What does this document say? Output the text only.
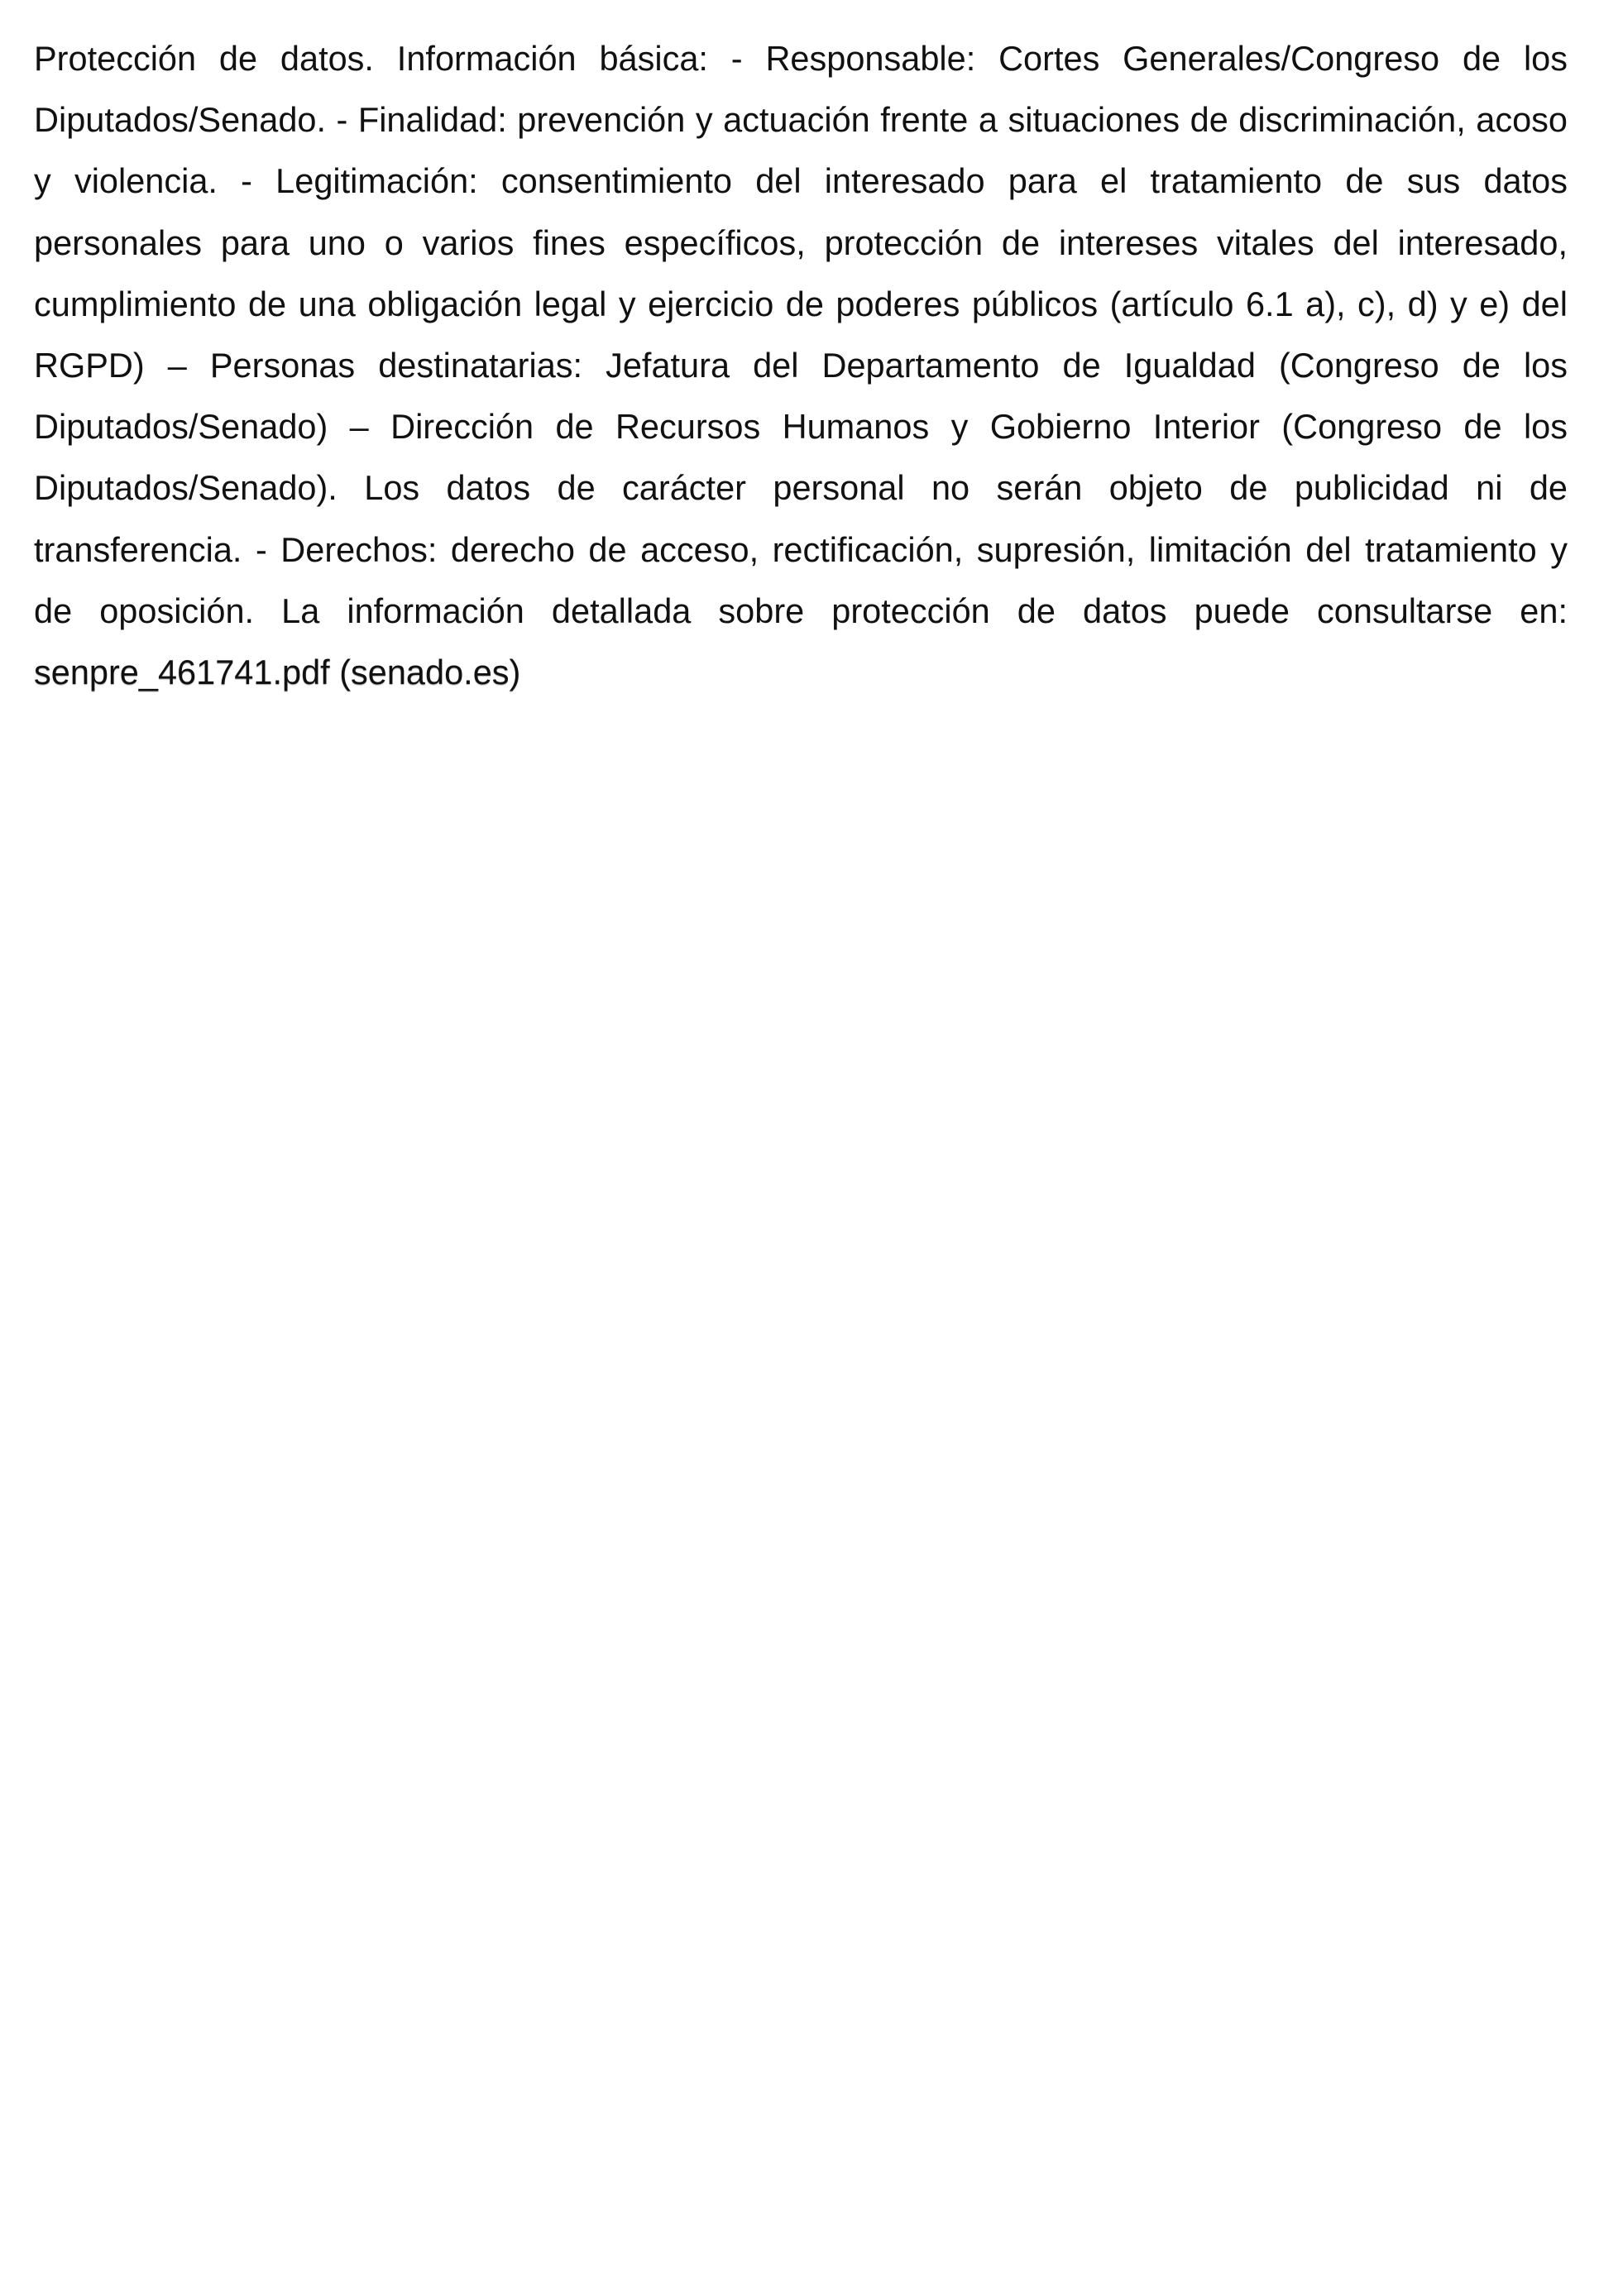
Protección de datos. Información básica: - Responsable: Cortes Generales/Congreso de los Diputados/Senado. - Finalidad: prevención y actuación frente a situaciones de discriminación, acoso y violencia. - Legitimación: consentimiento del interesado para el tratamiento de sus datos personales para uno o varios fines específicos, protección de intereses vitales del interesado, cumplimiento de una obligación legal y ejercicio de poderes públicos (artículo 6.1 a), c), d) y e) del RGPD) – Personas destinatarias: Jefatura del Departamento de Igualdad (Congreso de los Diputados/Senado) – Dirección de Recursos Humanos y Gobierno Interior (Congreso de los Diputados/Senado). Los datos de carácter personal no serán objeto de publicidad ni de transferencia. - Derechos: derecho de acceso, rectificación, supresión, limitación del tratamiento y de oposición. La información detallada sobre protección de datos puede consultarse en: senpre_461741.pdf (senado.es)
